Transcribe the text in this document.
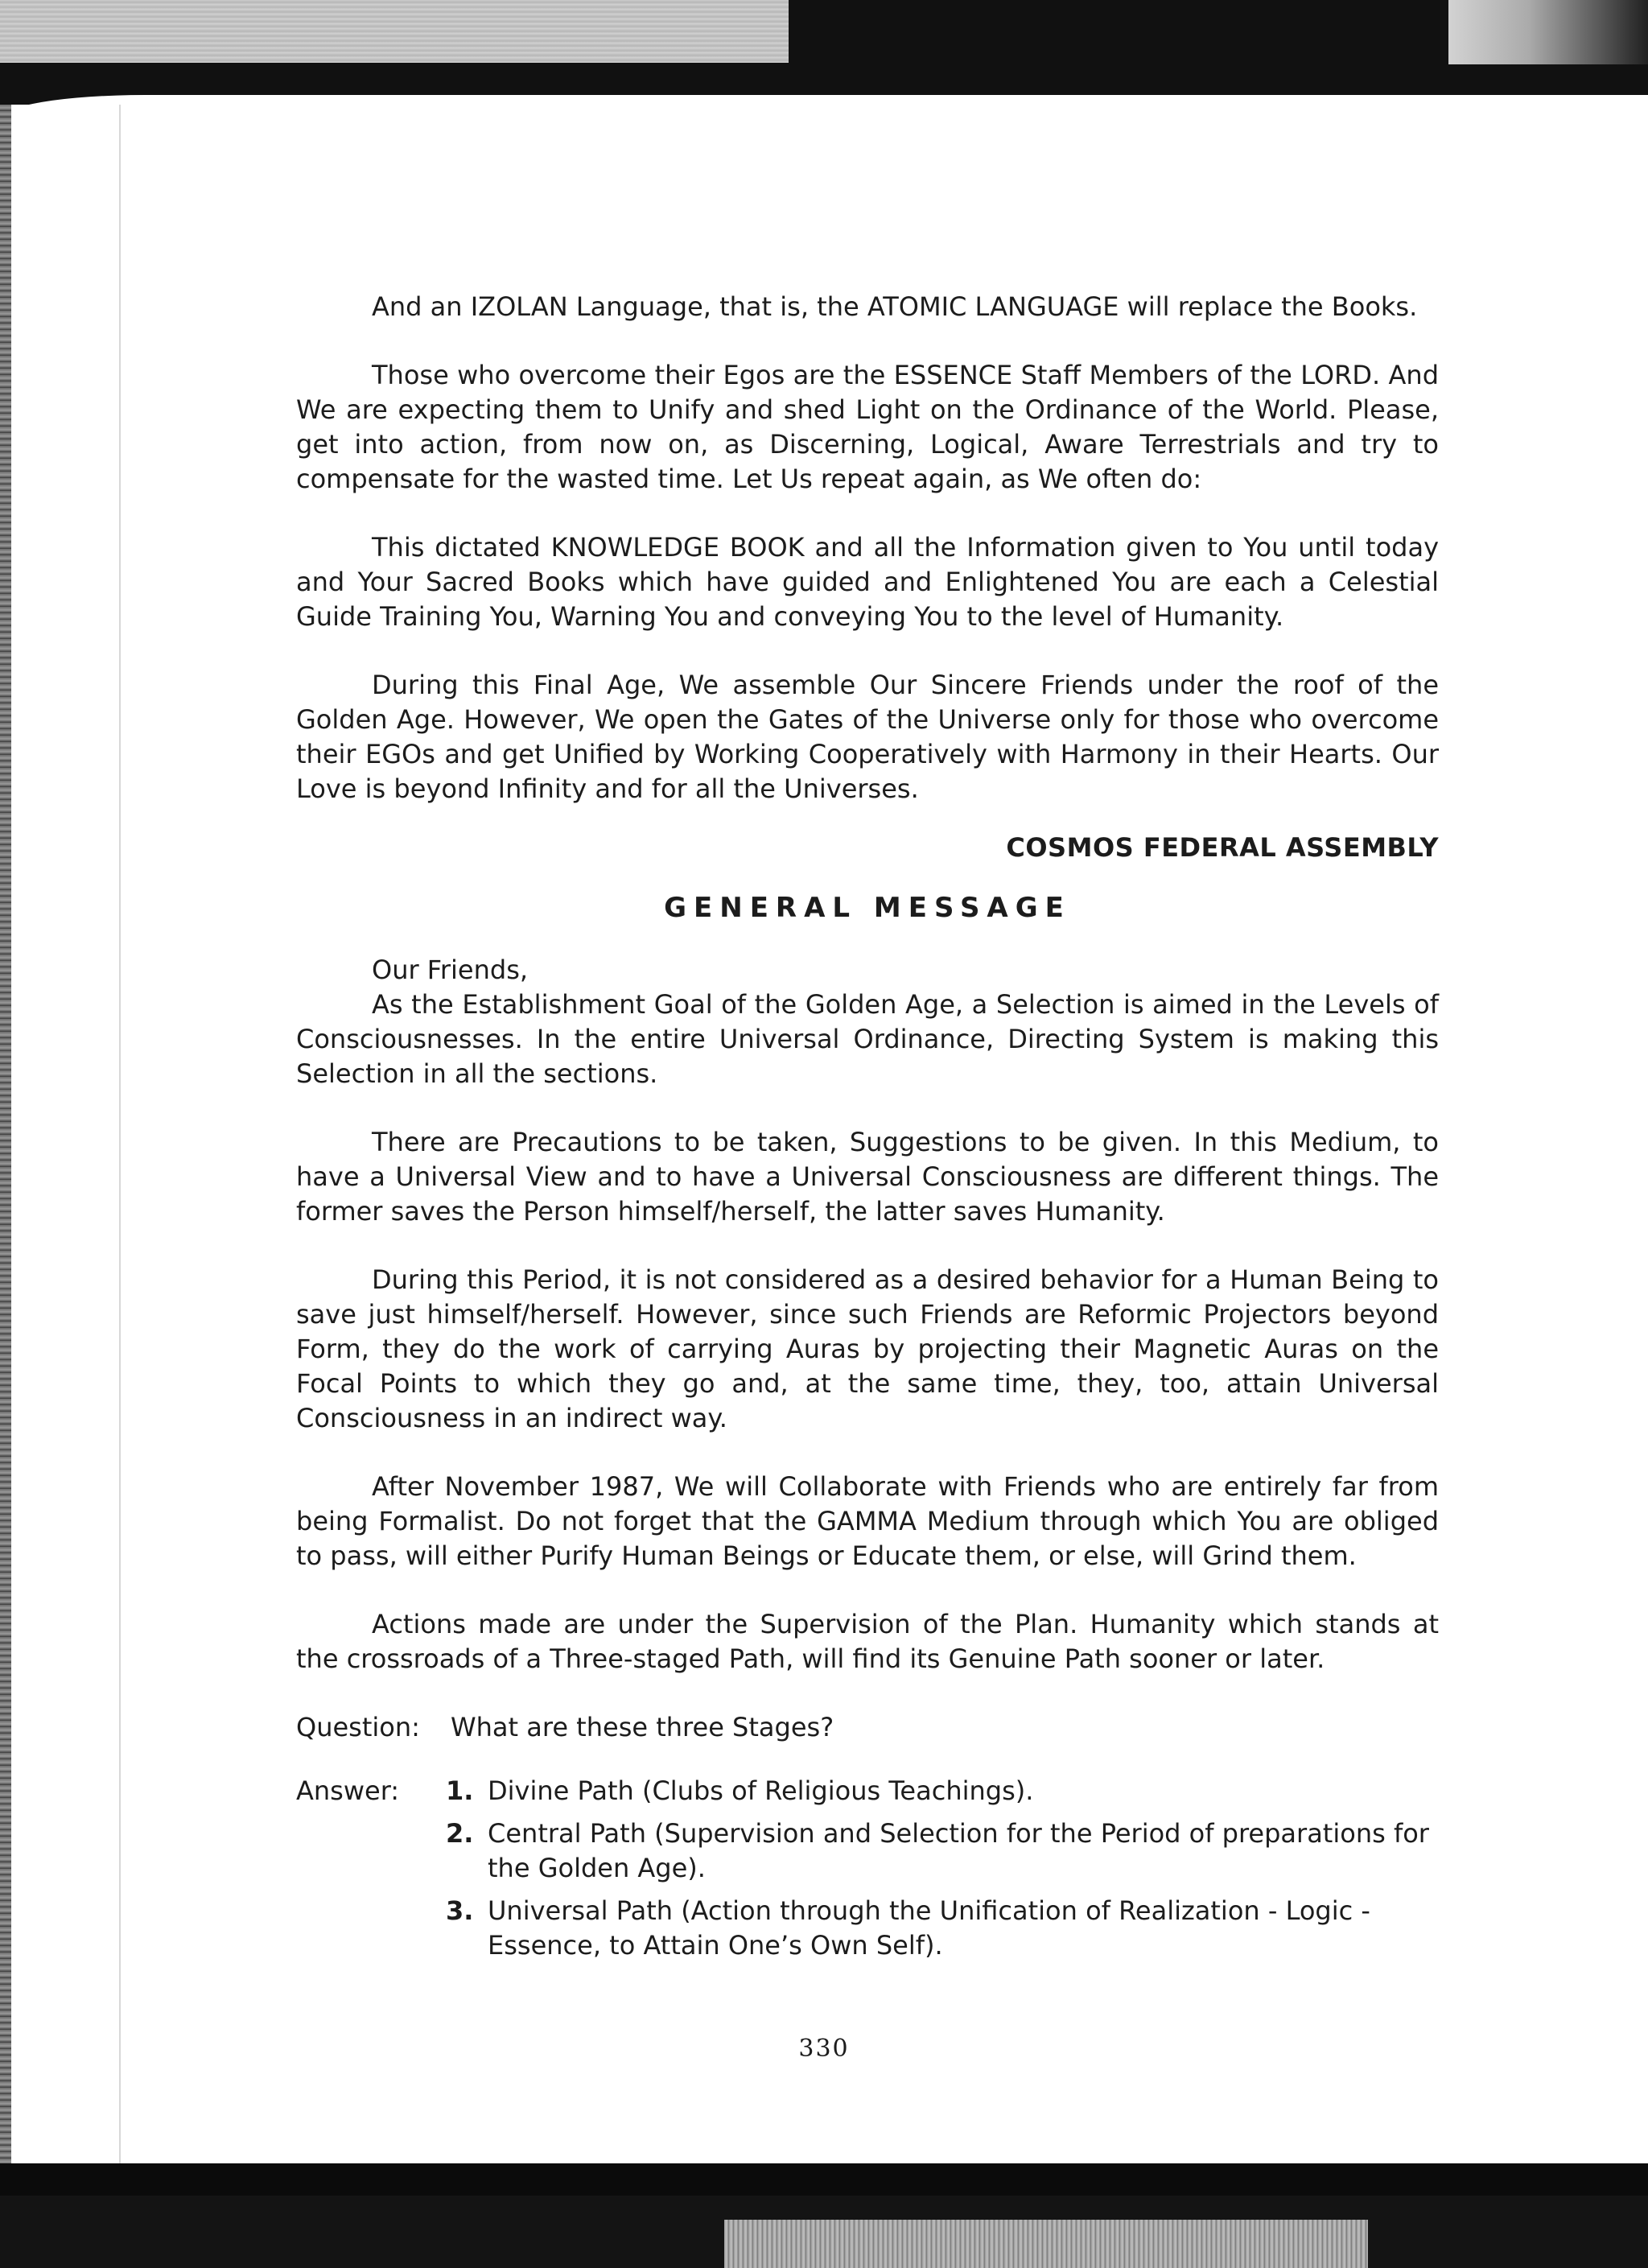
And an IZOLAN Language, that is, the ATOMIC LANGUAGE will replace the Books.

Those who overcome their Egos are the ESSENCE Staff Members of the LORD. And We are expecting them to Unify and shed Light on the Ordinance of the World. Please, get into action, from now on, as Discerning, Logical, Aware Terrestrials and try to compensate for the wasted time. Let Us repeat again, as We often do:

This dictated KNOWLEDGE BOOK and all the Information given to You until today and Your Sacred Books which have guided and Enlightened You are each a Celestial Guide Training You, Warning You and conveying You to the level of Humanity.

During this Final Age, We assemble Our Sincere Friends under the roof of the Golden Age. However, We open the Gates of the Universe only for those who overcome their EGOs and get Unified by Working Cooperatively with Harmony in their Hearts. Our Love is beyond Infinity and for all the Universes.

COSMOS FEDERAL ASSEMBLY
GENERAL MESSAGE

Our Friends,

As the Establishment Goal of the Golden Age, a Selection is aimed in the Levels of Consciousnesses. In the entire Universal Ordinance, Directing System is making this Selection in all the sections.

There are Precautions to be taken, Suggestions to be given. In this Medium, to have a Universal View and to have a Universal Consciousness are different things. The former saves the Person himself/herself, the latter saves Humanity.

During this Period, it is not considered as a desired behavior for a Human Being to save just himself/herself. However, since such Friends are Reformic Projectors beyond Form, they do the work of carrying Auras by projecting their Magnetic Auras on the Focal Points to which they go and, at the same time, they, too, attain Universal Consciousness in an indirect way.

After November 1987, We will Collaborate with Friends who are entirely far from being Formalist. Do not forget that the GAMMA Medium through which You are obliged to pass, will either Purify Human Beings or Educate them, or else, will Grind them.

Actions made are under the Supervision of the Plan. Humanity which stands at the crossroads of a Three-staged Path, will find its Genuine Path sooner or later.

Question:	What are these three Stages?
Answer:	1. Divine Path (Clubs of Religious Teachings).
2. Central Path (Supervision and Selection for the Period of preparations for the Golden Age).
3. Universal Path (Action through the Unification of Realization - Logic - Essence, to Attain One’s Own Self).
330
